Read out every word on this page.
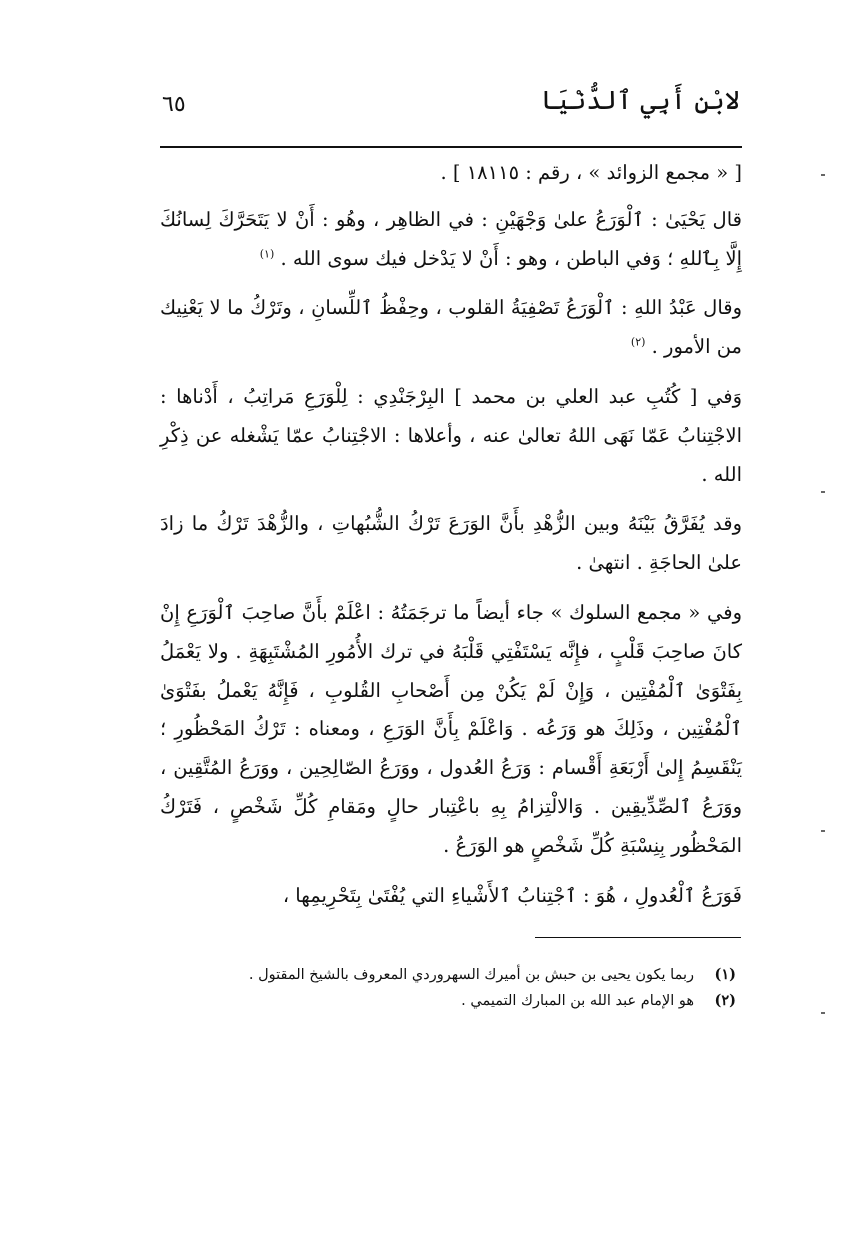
٦٥	لابْنِ أَبِي ٱلدُّنْيَا

[ « مجمع الزوائد » ، رقم : ١٨١١٥ ] .

قال يَحْيَىٰ : ٱلْوَرَعُ علىٰ وَجْهَيْنِ : في الظاهِر ، وهُو : أَنْ لا يَتَحَرَّكَ لِسانُكَ إِلَّا بِٱللهِ ؛ وَفي الباطن ، وهو : أَنْ لا يَدْخل فيك سوى الله . $^{(١)}$

وقال عَبْدُ اللهِ : ٱلْوَرَعُ تَصْفِيَةُ القلوب ، وحِفْظُ ٱللِّسانِ ، وتَرْكُ ما لا يَعْنِيك من الأمور . $^{(٢)}$

وَفي [ كُتُبِ عبد العلي بن محمد ] البِرْجَنْدِي : لِلْوَرَعِ مَراتِبُ ، أَدْناها : الاجْتِنابُ عَمّا نَهَى اللهُ تعالىٰ عنه ، وأعلاها : الاجْتِنابُ عمّا يَشْغله عن ذِكْرِ الله .

وقد يُفَرَّقُ بَيْنَهُ وبين الزُّهْدِ بأَنَّ الوَرَعَ تَرْكُ الشُّبُهاتِ ، والزُّهْدَ تَرْكُ ما زادَ علىٰ الحاجَةِ . انتهىٰ .

وفي « مجمع السلوك » جاء أيضاً ما ترجَمَتُهُ : اعْلَمْ بأَنَّ صاحِبَ ٱلْوَرَعِ إِنْ كانَ صاحِبَ قَلْبٍ ، فإِنَّه يَسْتَفْتِي قَلْبَهُ في ترك الأُمُورِ المُشْتَبِهَةِ . ولا يَعْمَلُ بِفَتْوَىٰ ٱلْمُفْتِين ، وَإِنْ لَمْ يَكُنْ مِن أَصْحابِ القُلوبِ ، فَإِنَّهُ يَعْملُ بفَتْوَىٰ ٱلْمُفْتِين ، وذَلِكَ هو وَرَعُه . وَاعْلَمْ بِأَنَّ الوَرَعِ ، ومعناه : تَرْكُ المَحْظُورِ ؛ يَنْقَسِمُ إِلىٰ أَرْبَعَةِ أَقْسام : وَرَعُ العُدول ، ووَرَعُ الصّالِحِين ، ووَرَعُ المُتَّقِين ، ووَرَعُ ٱلصِّدِّيقِين . وَالالْتِزامُ بِهِ باعْتِبار حالٍ ومَقامِ كُلِّ شَخْصٍ ، فَتَرْكُ المَحْظُور بِنِسْبَةِ كُلِّ شَخْصٍ هو الوَرَعُ .

فَوَرَعُ ٱلْعُدولِ ، هُوَ : ٱجْتِنابُ ٱلأَشْياءِ التي يُفْتَىٰ بِتَحْرِيمِها ،

(١)
ربما يكون يحيى بن حبش بن أميرك السهروردي المعروف بالشيخ المقتول .
(٢)
هو الإمام عبد الله بن المبارك التميمي .
